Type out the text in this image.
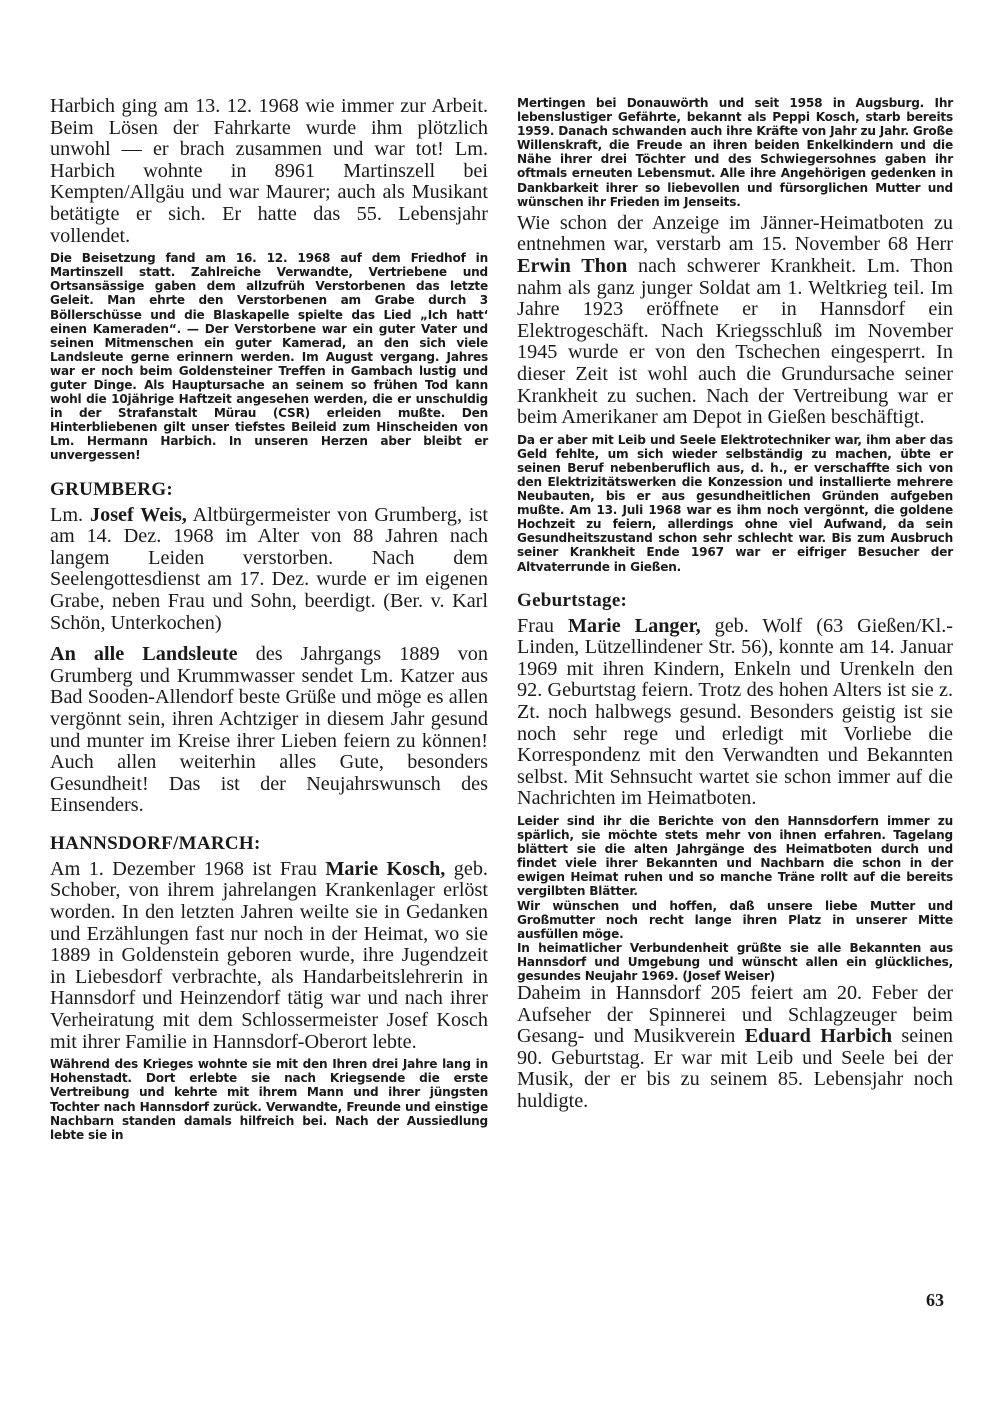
Harbich ging am 13. 12. 1968 wie immer zur Arbeit. Beim Lösen der Fahrkarte wurde ihm plötzlich unwohl — er brach zusammen und war tot! Lm. Harbich wohnte in 8961 Martinszell bei Kempten/Allgäu und war Maurer; auch als Musikant betätigte er sich. Er hatte das 55. Lebensjahr vollendet.

Die Beisetzung fand am 16. 12. 1968 auf dem Friedhof in Martinszell statt. Zahlreiche Verwandte, Vertriebene und Ortsansässige gaben dem allzufrüh Verstorbenen das letzte Geleit. Man ehrte den Verstorbenen am Grabe durch 3 Böllerschüsse und die Blaskapelle spielte das Lied „Ich hatt‘ einen Kameraden“. — Der Verstorbene war ein guter Vater und seinen Mitmenschen ein guter Kamerad, an den sich viele Landsleute gerne erinnern werden. Im August vergang. Jahres war er noch beim Goldensteiner Treffen in Gambach lustig und guter Dinge. Als Hauptursache an seinem so frühen Tod kann wohl die 10jährige Haftzeit angesehen werden, die er unschuldig in der Strafanstalt Mürau (CSR) erleiden mußte. Den Hinterbliebenen gilt unser tiefstes Beileid zum Hinscheiden von Lm. Hermann Harbich. In unseren Herzen aber bleibt er unvergessen!

GRUMBERG:

Lm. Josef Weis, Altbürgermeister von Grumberg, ist am 14. Dez. 1968 im Alter von 88 Jahren nach langem Leiden verstorben. Nach dem Seelengottesdienst am 17. Dez. wurde er im eigenen Grabe, neben Frau und Sohn, beerdigt. (Ber. v. Karl Schön, Unterkochen)

An alle Landsleute des Jahrgangs 1889 von Grumberg und Krummwasser sendet Lm. Katzer aus Bad Sooden-Allendorf beste Grüße und möge es allen vergönnt sein, ihren Achtziger in diesem Jahr gesund und munter im Kreise ihrer Lieben feiern zu können! Auch allen weiterhin alles Gute, besonders Gesundheit! Das ist der Neujahrswunsch des Einsenders.

HANNSDORF/MARCH:

Am 1. Dezember 1968 ist Frau Marie Kosch, geb. Schober, von ihrem jahrelangen Krankenlager erlöst worden. In den letzten Jahren weilte sie in Gedanken und Erzählungen fast nur noch in der Heimat, wo sie 1889 in Goldenstein geboren wurde, ihre Jugendzeit in Liebesdorf verbrachte, als Handarbeitslehrerin in Hannsdorf und Heinzendorf tätig war und nach ihrer Verheiratung mit dem Schlossermeister Josef Kosch mit ihrer Familie in Hannsdorf-Oberort lebte.

Während des Krieges wohnte sie mit den Ihren drei Jahre lang in Hohenstadt. Dort erlebte sie nach Kriegsende die erste Vertreibung und kehrte mit ihrem Mann und ihrer jüngsten Tochter nach Hannsdorf zurück. Verwandte, Freunde und einstige Nachbarn standen damals hilfreich bei. Nach der Aussiedlung lebte sie in

Mertingen bei Donauwörth und seit 1958 in Augsburg. Ihr lebenslustiger Gefährte, bekannt als Peppi Kosch, starb bereits 1959. Danach schwanden auch ihre Kräfte von Jahr zu Jahr. Große Willenskraft, die Freude an ihren beiden Enkelkindern und die Nähe ihrer drei Töchter und des Schwiegersohnes gaben ihr oftmals erneuten Lebensmut. Alle ihre Angehörigen gedenken in Dankbarkeit ihrer so liebevollen und fürsorglichen Mutter und wünschen ihr Frieden im Jenseits.

Wie schon der Anzeige im Jänner-Heimatboten zu entnehmen war, verstarb am 15. November 68 Herr Erwin Thon nach schwerer Krankheit. Lm. Thon nahm als ganz junger Soldat am 1. Weltkrieg teil. Im Jahre 1923 eröffnete er in Hannsdorf ein Elektrogeschäft. Nach Kriegsschluß im November 1945 wurde er von den Tschechen eingesperrt. In dieser Zeit ist wohl auch die Grundursache seiner Krankheit zu suchen. Nach der Vertreibung war er beim Amerikaner am Depot in Gießen beschäftigt.

Da er aber mit Leib und Seele Elektrotechniker war, ihm aber das Geld fehlte, um sich wieder selbständig zu machen, übte er seinen Beruf nebenberuflich aus, d. h., er verschaffte sich von den Elektrizitätswerken die Konzession und installierte mehrere Neubauten, bis er aus gesundheitlichen Gründen aufgeben mußte. Am 13. Juli 1968 war es ihm noch vergönnt, die goldene Hochzeit zu feiern, allerdings ohne viel Aufwand, da sein Gesundheitszustand schon sehr schlecht war. Bis zum Ausbruch seiner Krankheit Ende 1967 war er eifriger Besucher der Altvaterrunde in Gießen.

Geburtstage:

Frau Marie Langer, geb. Wolf (63 Gießen/Kl.-Linden, Lützellindener Str. 56), konnte am 14. Januar 1969 mit ihren Kindern, Enkeln und Urenkeln den 92. Geburtstag feiern. Trotz des hohen Alters ist sie z. Zt. noch halbwegs gesund. Besonders geistig ist sie noch sehr rege und erledigt mit Vorliebe die Korrespondenz mit den Verwandten und Bekannten selbst. Mit Sehnsucht wartet sie schon immer auf die Nachrichten im Heimatboten.

Leider sind ihr die Berichte von den Hannsdorfern immer zu spärlich, sie möchte stets mehr von ihnen erfahren. Tagelang blättert sie die alten Jahrgänge des Heimatboten durch und findet viele ihrer Bekannten und Nachbarn die schon in der ewigen Heimat ruhen und so manche Träne rollt auf die bereits vergilbten Blätter.

Wir wünschen und hoffen, daß unsere liebe Mutter und Großmutter noch recht lange ihren Platz in unserer Mitte ausfüllen möge.

In heimatlicher Verbundenheit grüßte sie alle Bekannten aus Hannsdorf und Umgebung und wünscht allen ein glückliches, gesundes Neujahr 1969. (Josef Weiser)

Daheim in Hannsdorf 205 feiert am 20. Feber der Aufseher der Spinnerei und Schlagzeuger beim Gesang- und Musikverein Eduard Harbich seinen 90. Geburtstag. Er war mit Leib und Seele bei der Musik, der er bis zu seinem 85. Lebensjahr noch huldigte.

63
